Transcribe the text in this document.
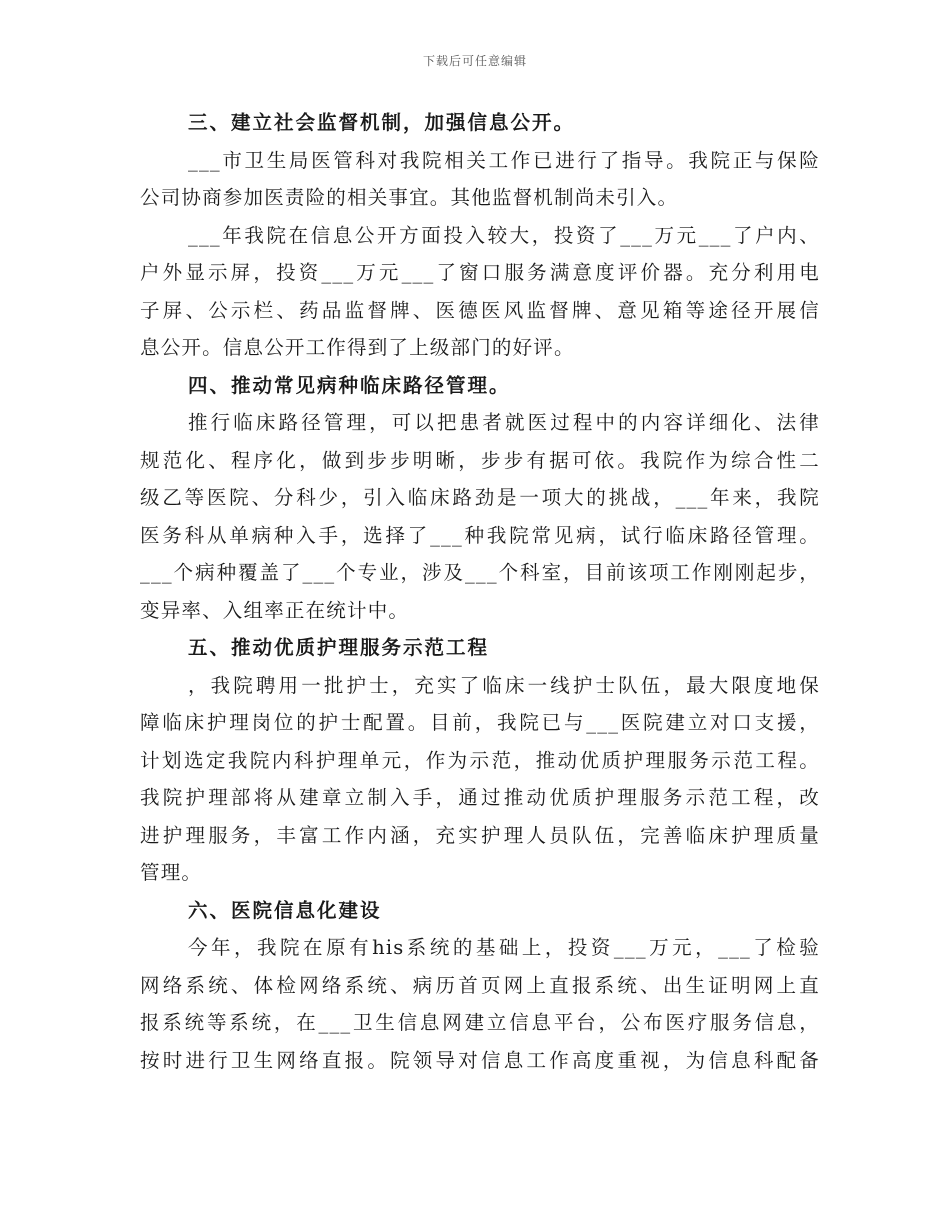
下载后可任意编辑
三、建立社会监督机制，加强信息公开。
___市卫生局医管科对我院相关工作已进行了指导。我院正与保险
公司协商参加医责险的相关事宜。其他监督机制尚未引入。
___年我院在信息公开方面投入较大，投资了___万元___了户内、
户外显示屏，投资___万元___了窗口服务满意度评价器。充分利用电
子屏、公示栏、药品监督牌、医德医风监督牌、意见箱等途径开展信
息公开。信息公开工作得到了上级部门的好评。
四、推动常见病种临床路径管理。
推行临床路径管理，可以把患者就医过程中的内容详细化、法律
规范化、程序化，做到步步明晰，步步有据可依。我院作为综合性二
级乙等医院、分科少，引入临床路劲是一项大的挑战，___年来，我院
医务科从单病种入手，选择了___种我院常见病，试行临床路径管理。
___个病种覆盖了___个专业，涉及___个科室，目前该项工作刚刚起步，
变异率、入组率正在统计中。
五、推动优质护理服务示范工程
，我院聘用一批护士，充实了临床一线护士队伍，最大限度地保
障临床护理岗位的护士配置。目前，我院已与___医院建立对口支援，
计划选定我院内科护理单元，作为示范，推动优质护理服务示范工程。
我院护理部将从建章立制入手，通过推动优质护理服务示范工程，改
进护理服务，丰富工作内涵，充实护理人员队伍，完善临床护理质量
管理。
六、医院信息化建设
今年，我院在原有his系统的基础上，投资___万元，___了检验
网络系统、体检网络系统、病历首页网上直报系统、出生证明网上直
报系统等系统，在___卫生信息网建立信息平台，公布医疗服务信息，
按时进行卫生网络直报。院领导对信息工作高度重视，为信息科配备
